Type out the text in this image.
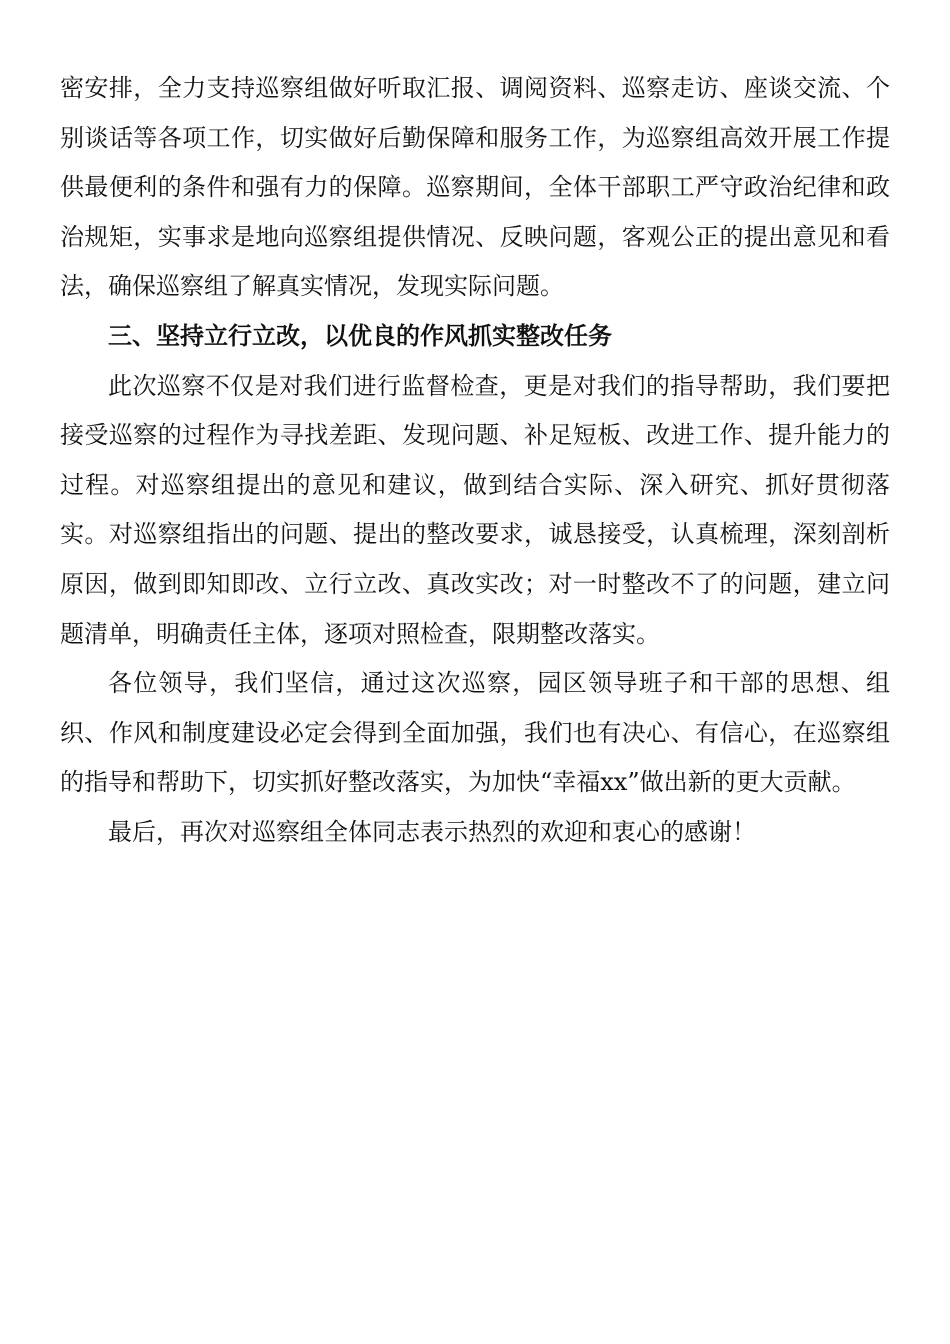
密安排，全力支持巡察组做好听取汇报、调阅资料、巡察走访、座谈交流、个别谈话等各项工作，切实做好后勤保障和服务工作，为巡察组高效开展工作提供最便利的条件和强有力的保障。巡察期间，全体干部职工严守政治纪律和政治规矩，实事求是地向巡察组提供情况、反映问题，客观公正的提出意见和看法，确保巡察组了解真实情况，发现实际问题。

三、坚持立行立改，以优良的作风抓实整改任务

此次巡察不仅是对我们进行监督检查，更是对我们的指导帮助，我们要把接受巡察的过程作为寻找差距、发现问题、补足短板、改进工作、提升能力的过程。对巡察组提出的意见和建议，做到结合实际、深入研究、抓好贯彻落实。对巡察组指出的问题、提出的整改要求，诚恳接受，认真梳理，深刻剖析原因，做到即知即改、立行立改、真改实改；对一时整改不了的问题，建立问题清单，明确责任主体，逐项对照检查，限期整改落实。

各位领导，我们坚信，通过这次巡察，园区领导班子和干部的思想、组织、作风和制度建设必定会得到全面加强，我们也有决心、有信心，在巡察组的指导和帮助下，切实抓好整改落实，为加快“幸福xx”做出新的更大贡献。

最后，再次对巡察组全体同志表示热烈的欢迎和衷心的感谢！
